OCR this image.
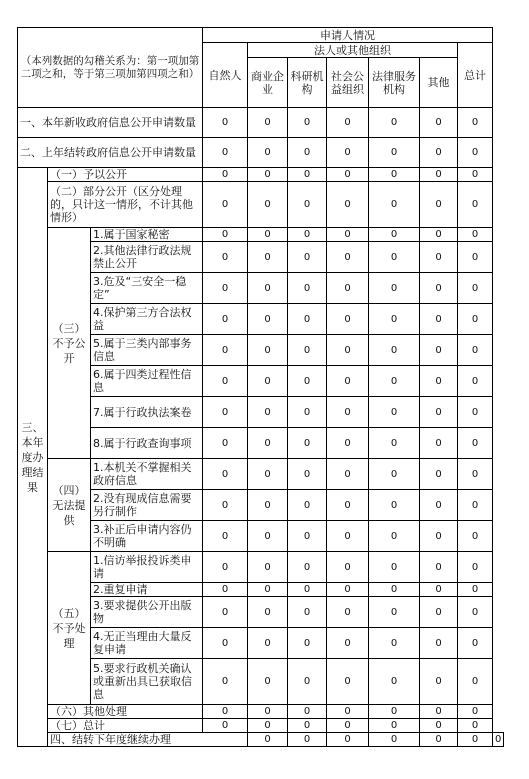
（本列数据的勾稽关系为：第一项加第二项之和，等于第三项加第四项之和）			申请人情况							
			自然人	法人或其他组织					总计	
				商业企业	科研机构	社会公益组织	法律服务机构	其他		
一、本年新收政府信息公开申请数量			0	0	0	0	0	0	0	
二、上年结转政府信息公开申请数量			0	0	0	0	0	0	0	
三、本年度办理结果	（一）予以公开		0	0	0	0	0	0	0	
	（二）部分公开（区分处理的，只计这一情形，不计其他情形）		0	0	0	0	0	0	0	
	（三）不予公开	1.属于国家秘密	0	0	0	0	0	0	0	
		2.其他法律行政法规禁止公开	0	0	0	0	0	0	0	
		3.危及“三安全一稳定”	0	0	0	0	0	0	0	
		4.保护第三方合法权益	0	0	0	0	0	0	0	
		5.属于三类内部事务信息	0	0	0	0	0	0	0	
		6.属于四类过程性信息	0	0	0	0	0	0	0	
		7.属于行政执法案卷	0	0	0	0	0	0	0	
		8.属于行政查询事项	0	0	0	0	0	0	0	
	（四）无法提供	1.本机关不掌握相关政府信息	0	0	0	0	0	0	0	
		2.没有现成信息需要另行制作	0	0	0	0	0	0	0	
		3.补正后申请内容仍不明确	0	0	0	0	0	0	0	
	（五）不予处理	1.信访举报投诉类申请	0	0	0	0	0	0	0	
		2.重复申请	0	0	0	0	0	0	0	
		3.要求提供公开出版物	0	0	0	0	0	0	0	
		4.无正当理由大量反复申请	0	0	0	0	0	0	0	
		5.要求行政机关确认或重新出具已获取信息	0	0	0	0	0	0	0	
	（六）其他处理		0	0	0	0	0	0	0	
	（七）总计		0	0	0	0	0	0	0	
	四、结转下年度继续办理			0	0	0	0	0	0	0
